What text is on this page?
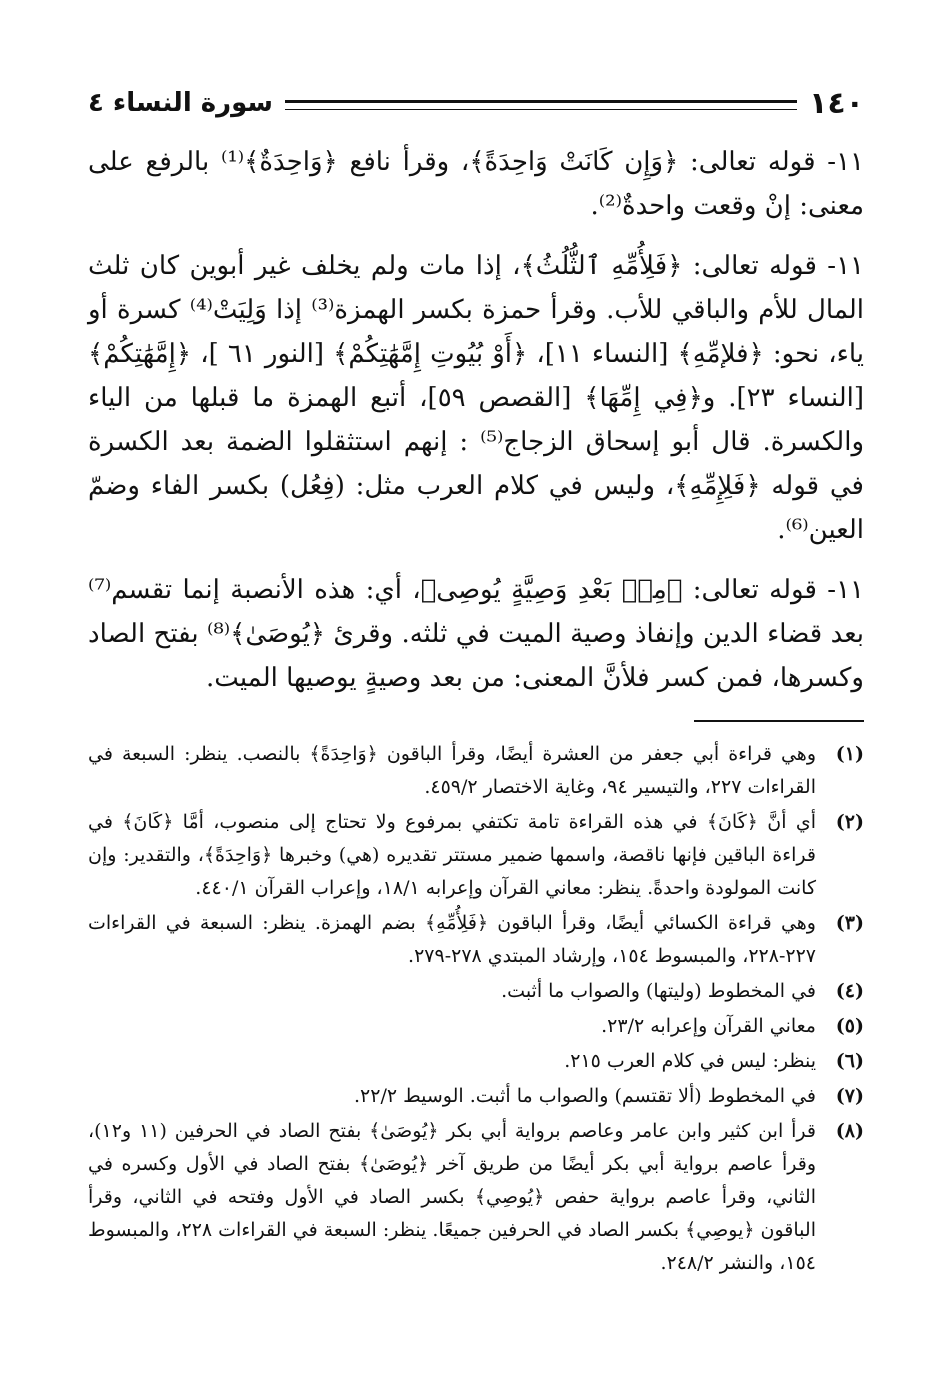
١٤٠
سورة النساء ٤

١١- قوله تعالى: ﴿وَإِن كَانَتْ وَاحِدَةً﴾، وقرأ نافع ﴿وَاحِدَةٌ﴾⁽¹⁾ بالرفع على معنى: إنْ وقعت واحدةٌ⁽²⁾.

١١- قوله تعالى: ﴿فَلِأُمِّهِ ٱلثُّلُثُ﴾، إذا مات ولم يخلف غير أبوين كان ثلث المال للأم والباقي للأب. وقرأ حمزة بكسر الهمزة⁽³⁾ إذا وَلِيَتْ⁽⁴⁾ كسرة أو ياء، نحو: ﴿فلإمِّهِ﴾ [النساء ١١]، ﴿أَوْ بُيُوتِ إِمَّهَٰتِكُمْ﴾ [النور ٦١ ]، ﴿إِمَّهَٰتِكُمْ﴾ [النساء ٢٣]. و﴿فِي إِمِّهَا﴾ [القصص ٥٩]، أتبع الهمزة ما قبلها من الياء والكسرة. قال أبو إسحاق الزجاج⁽⁵⁾ : إنهم استثقلوا الضمة بعد الكسرة في قوله ﴿فَلِإِمِّهِ﴾، وليس في كلام العرب مثل: (فِعُل) بكسر الفاء وضمّ العين⁽⁶⁾.

١١- قوله تعالى: ﴿مِنۢ بَعْدِ وَصِيَّةٍ يُوصِى﴾، أي: هذه الأنصبة إنما تقسم⁽⁷⁾ بعد قضاء الدين وإنفاذ وصية الميت في ثلثه. وقرئ ﴿يُوصَىٰ﴾⁽⁸⁾ بفتح الصاد وكسرها، فمن كسر فلأنَّ المعنى: من بعد وصيةٍ يوصيها الميت.

(١)
وهي قراءة أبي جعفر من العشرة أيضًا، وقرأ الباقون ﴿وَاحِدَةً﴾ بالنصب. ينظر: السبعة في القراءات ٢٢٧، والتيسير ٩٤، وغاية الاختصار ٤٥٩/٢.
(٢)
أي أنَّ ﴿كَانَ﴾ في هذه القراءة تامة تكتفي بمرفوع ولا تحتاج إلى منصوب، أمَّا ﴿كَانَ﴾ في قراءة الباقين فإنها ناقصة، واسمها ضمير مستتر تقديره (هي) وخبرها ﴿وَاحِدَةً﴾، والتقدير: وإن كانت المولودة واحدةً. ينظر: معاني القرآن وإعرابه ١٨/١، وإعراب القرآن ٤٤٠/١.
(٣)
وهي قراءة الكسائي أيضًا، وقرأ الباقون ﴿فَلِأُمِّهِ﴾ بضم الهمزة. ينظر: السبعة في القراءات ٢٢٧-٢٢٨، والمبسوط ١٥٤، وإرشاد المبتدي ٢٧٨-٢٧٩.
(٤)
في المخطوط (وليتها) والصواب ما أثبت.
(٥)
معاني القرآن وإعرابه ٢٣/٢.
(٦)
ينظر: ليس في كلام العرب ٢١٥.
(٧)
في المخطوط (ألا تقتسم) والصواب ما أثبت. الوسيط ٢٢/٢.
(٨)
قرأ ابن كثير وابن عامر وعاصم برواية أبي بكر ﴿يُوصَىٰ﴾ بفتح الصاد في الحرفين (١١ و١٢)، وقرأ عاصم برواية أبي بكر أيضًا من طريق آخر ﴿يُوصَىٰ﴾ بفتح الصاد في الأول وكسره في الثاني، وقرأ عاصم برواية حفص ﴿يُوصِي﴾ بكسر الصاد في الأول وفتحه في الثاني، وقرأ الباقون ﴿يوصِي﴾ بكسر الصاد في الحرفين جميعًا. ينظر: السبعة في القراءات ٢٢٨، والمبسوط ١٥٤، والنشر ٢٤٨/٢.
